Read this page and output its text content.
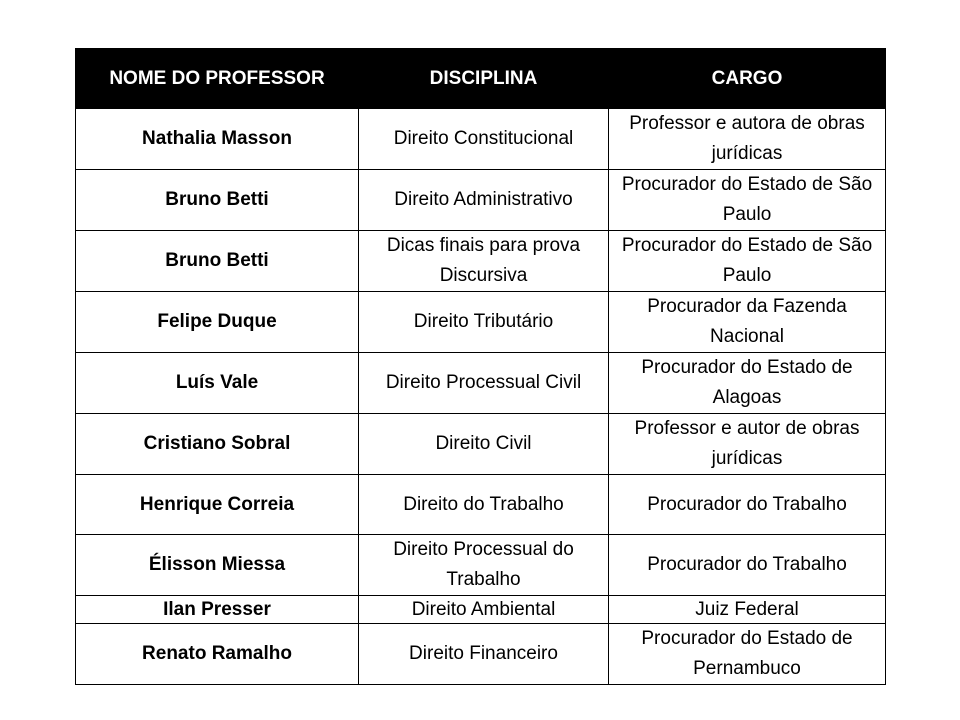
NOME DO PROFESSOR	DISCIPLINA	CARGO
Nathalia Masson	Direito Constitucional	Professor e autora de obras jurídicas
Bruno Betti	Direito Administrativo	Procurador do Estado de São Paulo
Bruno Betti	Dicas finais para prova Discursiva	Procurador do Estado de São Paulo
Felipe Duque	Direito Tributário	Procurador da Fazenda Nacional
Luís Vale	Direito Processual Civil	Procurador do Estado de Alagoas
Cristiano Sobral	Direito Civil	Professor e autor de obras jurídicas
Henrique Correia	Direito do Trabalho	Procurador do Trabalho
Élisson Miessa	Direito Processual do Trabalho	Procurador do Trabalho
Ilan Presser	Direito Ambiental	Juiz Federal
Renato Ramalho	Direito Financeiro	Procurador do Estado de Pernambuco
